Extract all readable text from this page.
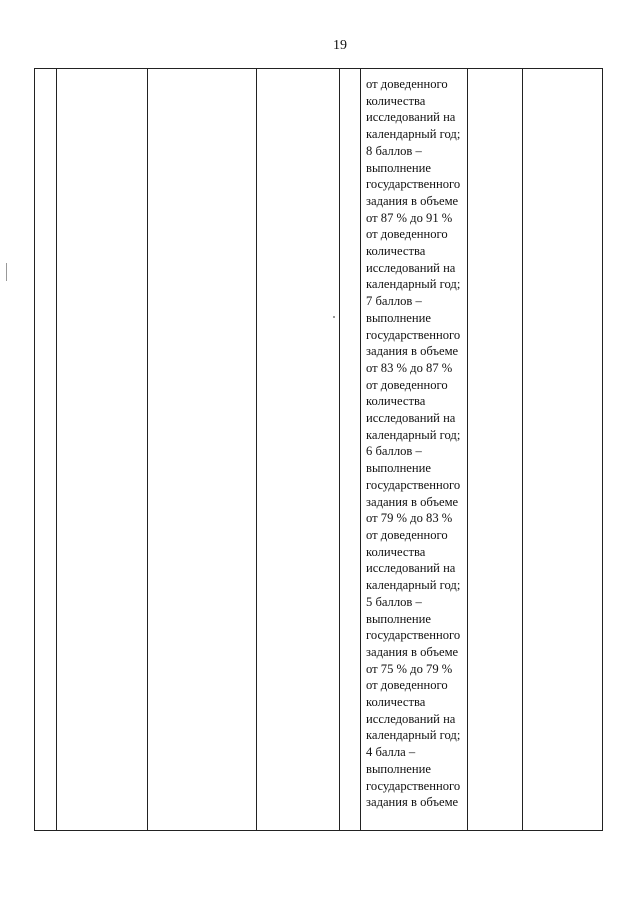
19
от доведенного
количества
исследований на
календарный год;
8 баллов –
выполнение
государственного
задания в объеме
от 87 % до 91 %
от доведенного
количества
исследований на
календарный год;
7 баллов –
выполнение
государственного
задания в объеме
от 83 % до 87 %
от доведенного
количества
исследований на
календарный год;
6 баллов –
выполнение
государственного
задания в объеме
от 79 % до 83 %
от доведенного
количества
исследований на
календарный год;
5 баллов –
выполнение
государственного
задания в объеме
от 75 % до 79 %
от доведенного
количества
исследований на
календарный год;
4 балла –
выполнение
государственного
задания в объеме
